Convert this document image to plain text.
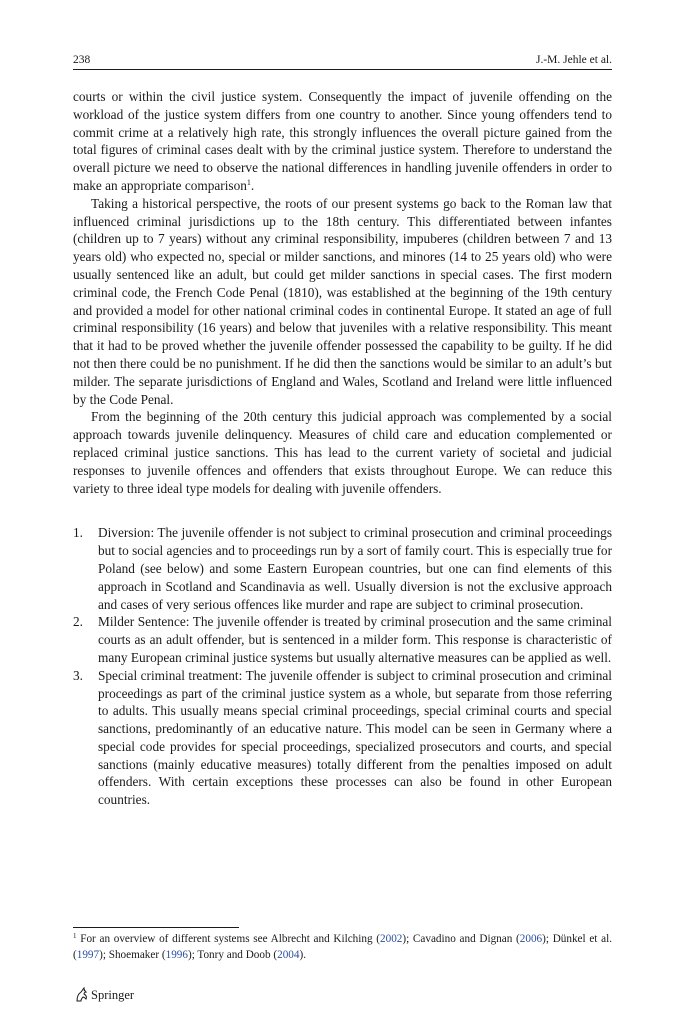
238	J.-M. Jehle et al.

courts or within the civil justice system. Consequently the impact of juvenile offending on the workload of the justice system differs from one country to another. Since young offenders tend to commit crime at a relatively high rate, this strongly influences the overall picture gained from the total figures of criminal cases dealt with by the criminal justice system. Therefore to understand the overall picture we need to observe the national differences in handling juvenile offenders in order to make an appropriate comparison$^1$.

Taking a historical perspective, the roots of our present systems go back to the Roman law that influenced criminal jurisdictions up to the 18th century. This differentiated between infantes (children up to 7 years) without any criminal responsibility, impuberes (children between 7 and 13 years old) who expected no, special or milder sanctions, and minores (14 to 25 years old) who were usually sentenced like an adult, but could get milder sanctions in special cases. The first modern criminal code, the French Code Penal (1810), was established at the beginning of the 19th century and provided a model for other national criminal codes in continental Europe. It stated an age of full criminal responsibility (16 years) and below that juveniles with a relative responsibility. This meant that it had to be proved whether the juvenile offender possessed the capability to be guilty. If he did not then there could be no punishment. If he did then the sanctions would be similar to an adult’s but milder. The separate jurisdictions of England and Wales, Scotland and Ireland were little influenced by the Code Penal.

From the beginning of the 20th century this judicial approach was complemented by a social approach towards juvenile delinquency. Measures of child care and education complemented or replaced criminal justice sanctions. This has lead to the current variety of societal and judicial responses to juvenile offences and offenders that exists throughout Europe. We can reduce this variety to three ideal type models for dealing with juvenile offenders.

1. Diversion: The juvenile offender is not subject to criminal prosecution and criminal proceedings but to social agencies and to proceedings run by a sort of family court. This is especially true for Poland (see below) and some Eastern European countries, but one can find elements of this approach in Scotland and Scandinavia as well. Usually diversion is not the exclusive approach and cases of very serious offences like murder and rape are subject to criminal prosecution.
2. Milder Sentence: The juvenile offender is treated by criminal prosecution and the same criminal courts as an adult offender, but is sentenced in a milder form. This response is characteristic of many European criminal justice systems but usually alternative measures can be applied as well.
3. Special criminal treatment: The juvenile offender is subject to criminal prosecution and criminal proceedings as part of the criminal justice system as a whole, but separate from those referring to adults. This usually means special criminal proceedings, special criminal courts and special sanctions, predominantly of an educative nature. This model can be seen in Germany where a special code provides for special proceedings, specialized prosecutors and courts, and special sanctions (mainly educative measures) totally different from the penalties imposed on adult offenders. With certain exceptions these processes can also be found in other European countries.
$^1$ For an overview of different systems see Albrecht and Kilching (2002); Cavadino and Dignan (2006); Dünkel et al. (1997); Shoemaker (1996); Tonry and Doob (2004).
Springer
